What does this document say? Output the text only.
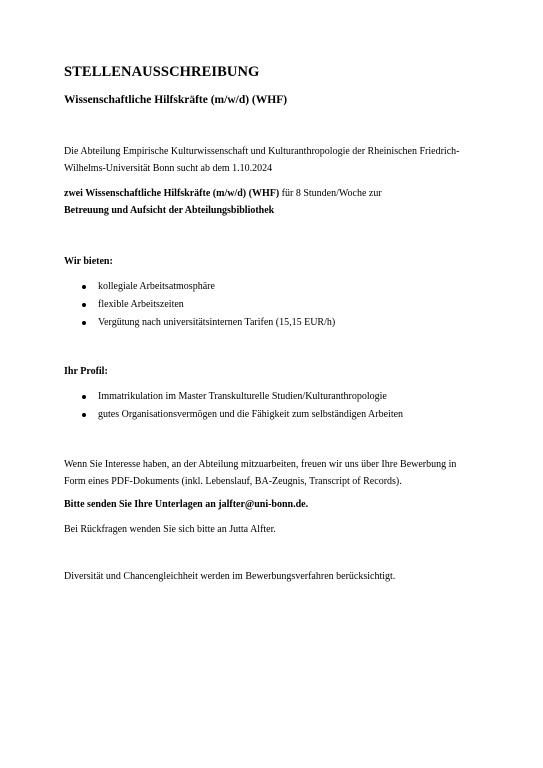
STELLENAUSSCHREIBUNG
Wissenschaftliche Hilfskräfte (m/w/d) (WHF)

Die Abteilung Empirische Kulturwissenschaft und Kulturanthropologie der Rheinischen Friedrich-
Wilhelms-Universität Bonn sucht ab dem 1.10.2024

zwei Wissenschaftliche Hilfskräfte (m/w/d) (WHF) für 8 Stunden/Woche zur
Betreuung und Aufsicht der Abteilungsbibliothek

Wir bieten:
kollegiale Arbeitsatmosphäre
flexible Arbeitszeiten
Vergütung nach universitätsinternen Tarifen (15,15 EUR/h)
Ihr Profil:
Immatrikulation im Master Transkulturelle Studien/Kulturanthropologie
gutes Organisationsvermögen und die Fähigkeit zum selbständigen Arbeiten

Wenn Sie Interesse haben, an der Abteilung mitzuarbeiten, freuen wir uns über Ihre Bewerbung in
Form eines PDF-Dokuments (inkl. Lebenslauf, BA-Zeugnis, Transcript of Records).

Bitte senden Sie Ihre Unterlagen an jalfter@uni-bonn.de.

Bei Rückfragen wenden Sie sich bitte an Jutta Alfter.

Diversität und Chancengleichheit werden im Bewerbungsverfahren berücksichtigt.
